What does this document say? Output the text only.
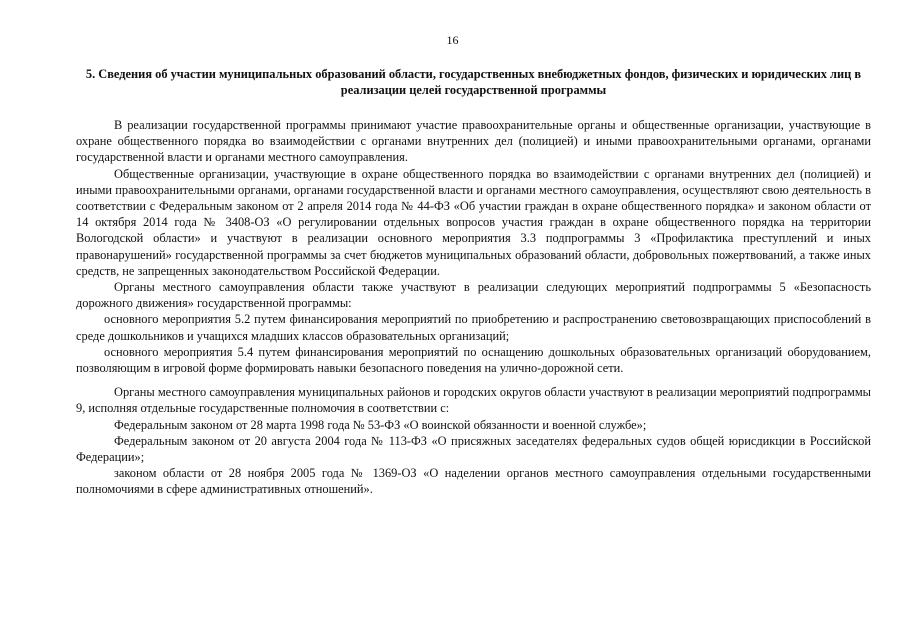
16
5. Сведения об участии муниципальных образований области, государственных внебюджетных фондов, физических и юридических лиц в реализации целей государственной программы

В реализации государственной программы принимают участие правоохранительные органы и общественные организации, участвующие в охране общественного порядка во взаимодействии с органами внутренних дел (полицией) и иными правоохранительными органами, органами государственной власти и органами местного самоуправления.

Общественные организации, участвующие в охране общественного порядка во взаимодействии с органами внутренних дел (полицией) и иными правоохранительными органами, органами государственной власти и органами местного самоуправления, осуществляют свою деятельность в соответствии с Федеральным законом от 2 апреля 2014 года № 44-ФЗ «Об участии граждан в охране общественного порядка» и законом области от 14 октября 2014 года № 3408-ОЗ «О регулировании отдельных вопросов участия граждан в охране общественного порядка на территории Вологодской области» и участвуют в реализации основного мероприятия 3.3 подпрограммы 3 «Профилактика преступлений и иных правонарушений» государственной программы за счет бюджетов муниципальных образований области, добровольных пожертвований, а также иных средств, не запрещенных законодательством Российской Федерации.

Органы местного самоуправления области также участвуют в реализации следующих мероприятий подпрограммы 5 «Безопасность дорожного движения» государственной программы:

основного мероприятия 5.2 путем финансирования мероприятий по приобретению и распространению световозвращающих приспособлений в среде дошкольников и учащихся младших классов образовательных организаций;

основного мероприятия 5.4 путем финансирования мероприятий по оснащению дошкольных образовательных организаций оборудованием, позволяющим в игровой форме формировать навыки безопасного поведения на улично-дорожной сети.

Органы местного самоуправления муниципальных районов и городских округов области участвуют в реализации мероприятий подпрограммы 9, исполняя отдельные государственные полномочия в соответствии с:

Федеральным законом от 28 марта 1998 года № 53-ФЗ «О воинской обязанности и военной службе»;

Федеральным законом от 20 августа 2004 года № 113-ФЗ «О присяжных заседателях федеральных судов общей юрисдикции в Российской Федерации»;

законом области от 28 ноября 2005 года № 1369-ОЗ «О наделении органов местного самоуправления отдельными государственными полномочиями в сфере административных отношений».
